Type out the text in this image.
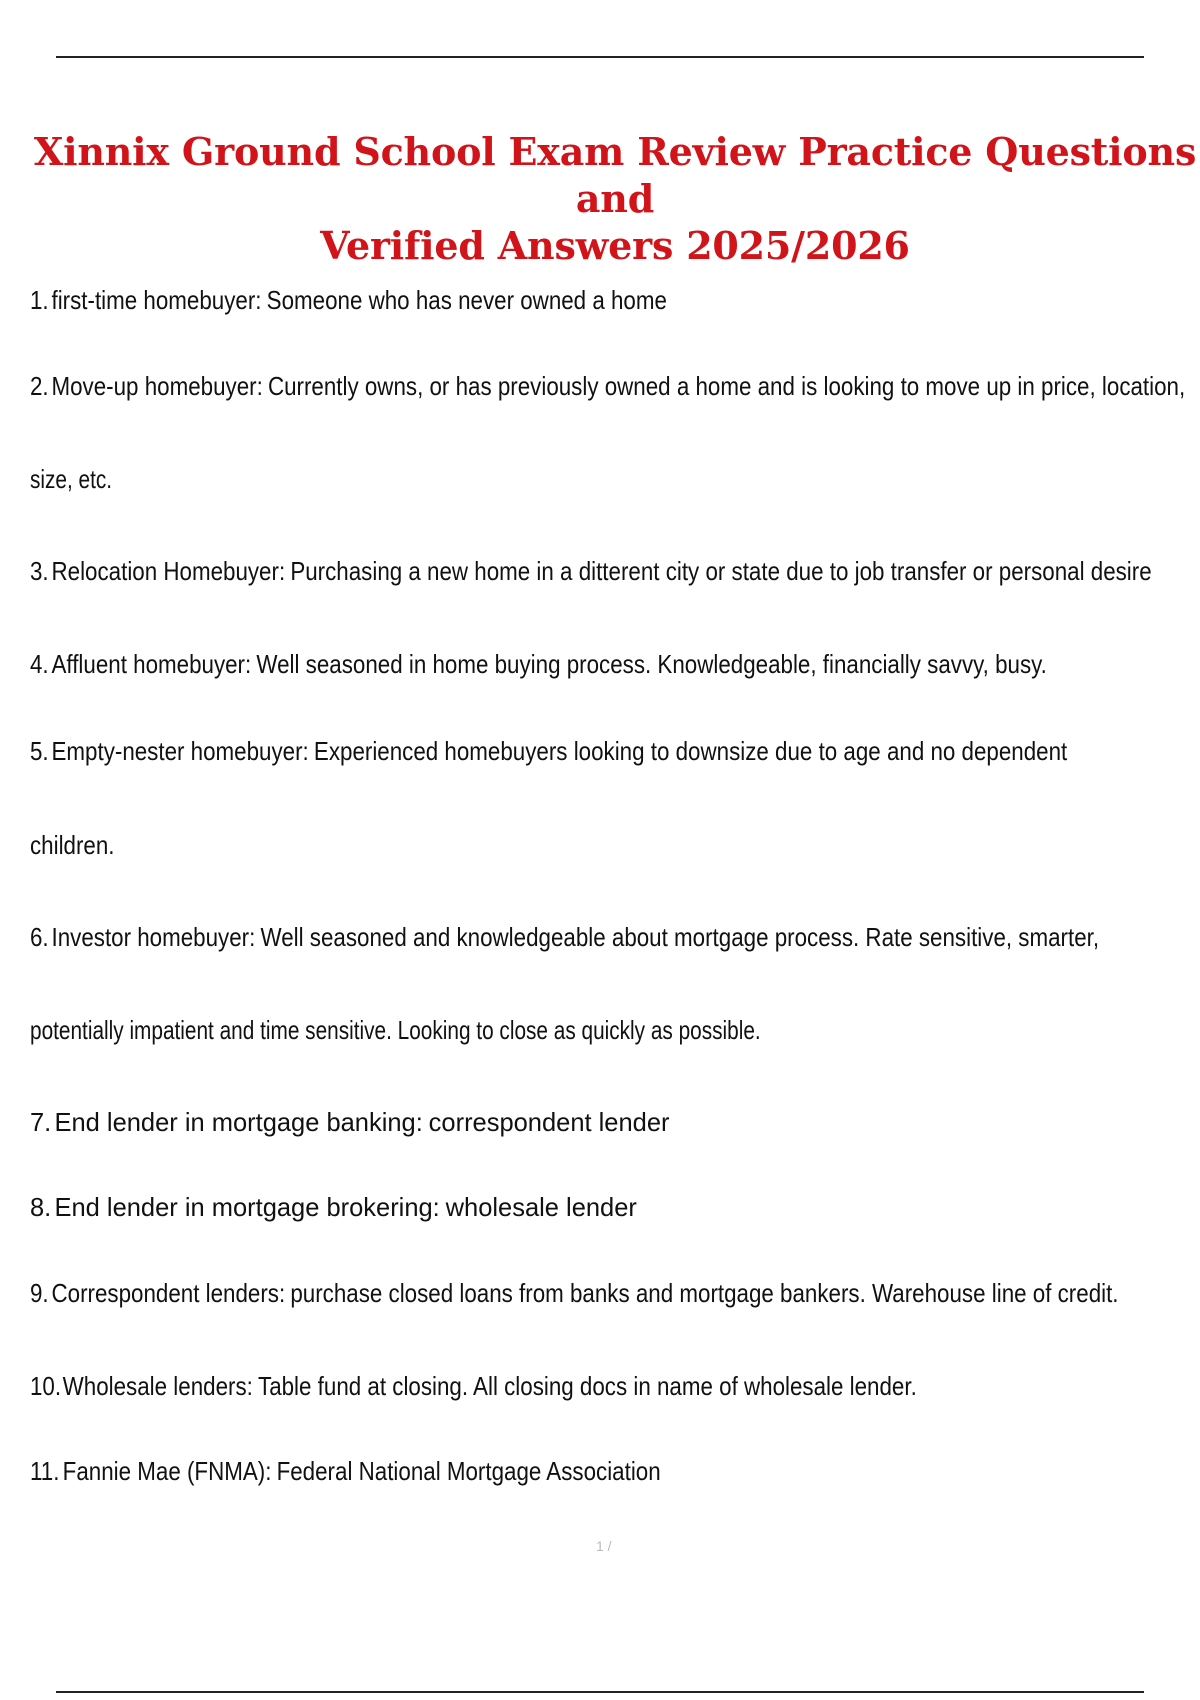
Xinnix Ground School Exam Review Practice Questions and
Verified Answers 2025/2026
1. first-time homebuyer: Someone who has never owned a home
2. Move-up homebuyer: Currently owns, or has previously owned a home and is looking to move up in price, location,
size, etc.
3. Relocation Homebuyer: Purchasing a new home in a ditterent city or state due to job transfer or personal desire
4. Affluent homebuyer: Well seasoned in home buying process. Knowledgeable, financially savvy, busy.
5. Empty-nester homebuyer: Experienced homebuyers looking to downsize due to age and no dependent
children.
6. Investor homebuyer: Well seasoned and knowledgeable about mortgage process. Rate sensitive, smarter,
potentially impatient and time sensitive. Looking to close as quickly as possible.
7. End lender in mortgage banking: correspondent lender
8. End lender in mortgage brokering: wholesale lender
9. Correspondent lenders: purchase closed loans from banks and mortgage bankers. Warehouse line of credit.
10.Wholesale lenders: Table fund at closing. All closing docs in name of wholesale lender.
11. Fannie Mae (FNMA): Federal National Mortgage Association
1 /
